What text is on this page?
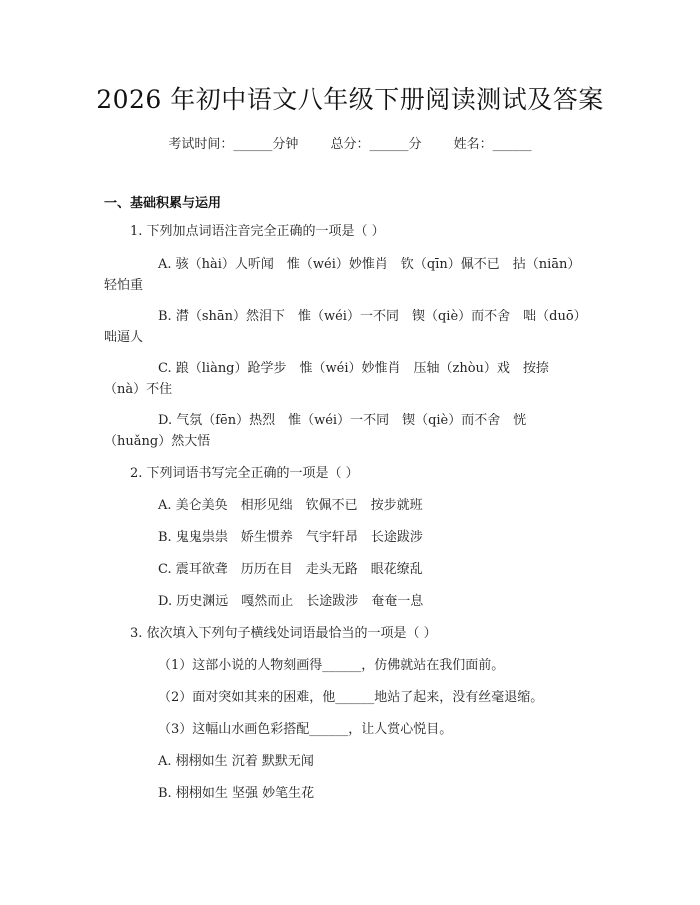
2026 年初中语文八年级下册阅读测试及答案
考试时间：______分钟 总分：______分 姓名：______
一、基础积累与运用
1. 下列加点词语注音完全正确的一项是（ ）
A. 骇（hài）人听闻　惟（wéi）妙惟肖　钦（qīn）佩不已　拈（niān）
轻怕重
B. 潸（shān）然泪下　惟（wéi）一不同　锲（qiè）而不舍　咄（duō）
咄逼人
C. 踉（liàng）跄学步　惟（wéi）妙惟肖　压轴（zhòu）戏　按捺
（nà）不住
D. 气氛（fēn）热烈　惟（wéi）一不同　锲（qiè）而不舍　恍
（huǎng）然大悟
2. 下列词语书写完全正确的一项是（ ）
A. 美仑美奂　相形见绌　钦佩不已　按步就班
B. 鬼鬼祟祟　娇生惯养　气宇轩昂　长途跋涉
C. 震耳欲聋　历历在目　走头无路　眼花缭乱
D. 历史渊远　嘎然而止　长途跋涉　奄奄一息
3. 依次填入下列句子横线处词语最恰当的一项是（ ）
（1）这部小说的人物刻画得______，仿佛就站在我们面前。
（2）面对突如其来的困难，他______地站了起来，没有丝毫退缩。
（3）这幅山水画色彩搭配______，让人赏心悦目。
A. 栩栩如生 沉着 默默无闻
B. 栩栩如生 坚强 妙笔生花
